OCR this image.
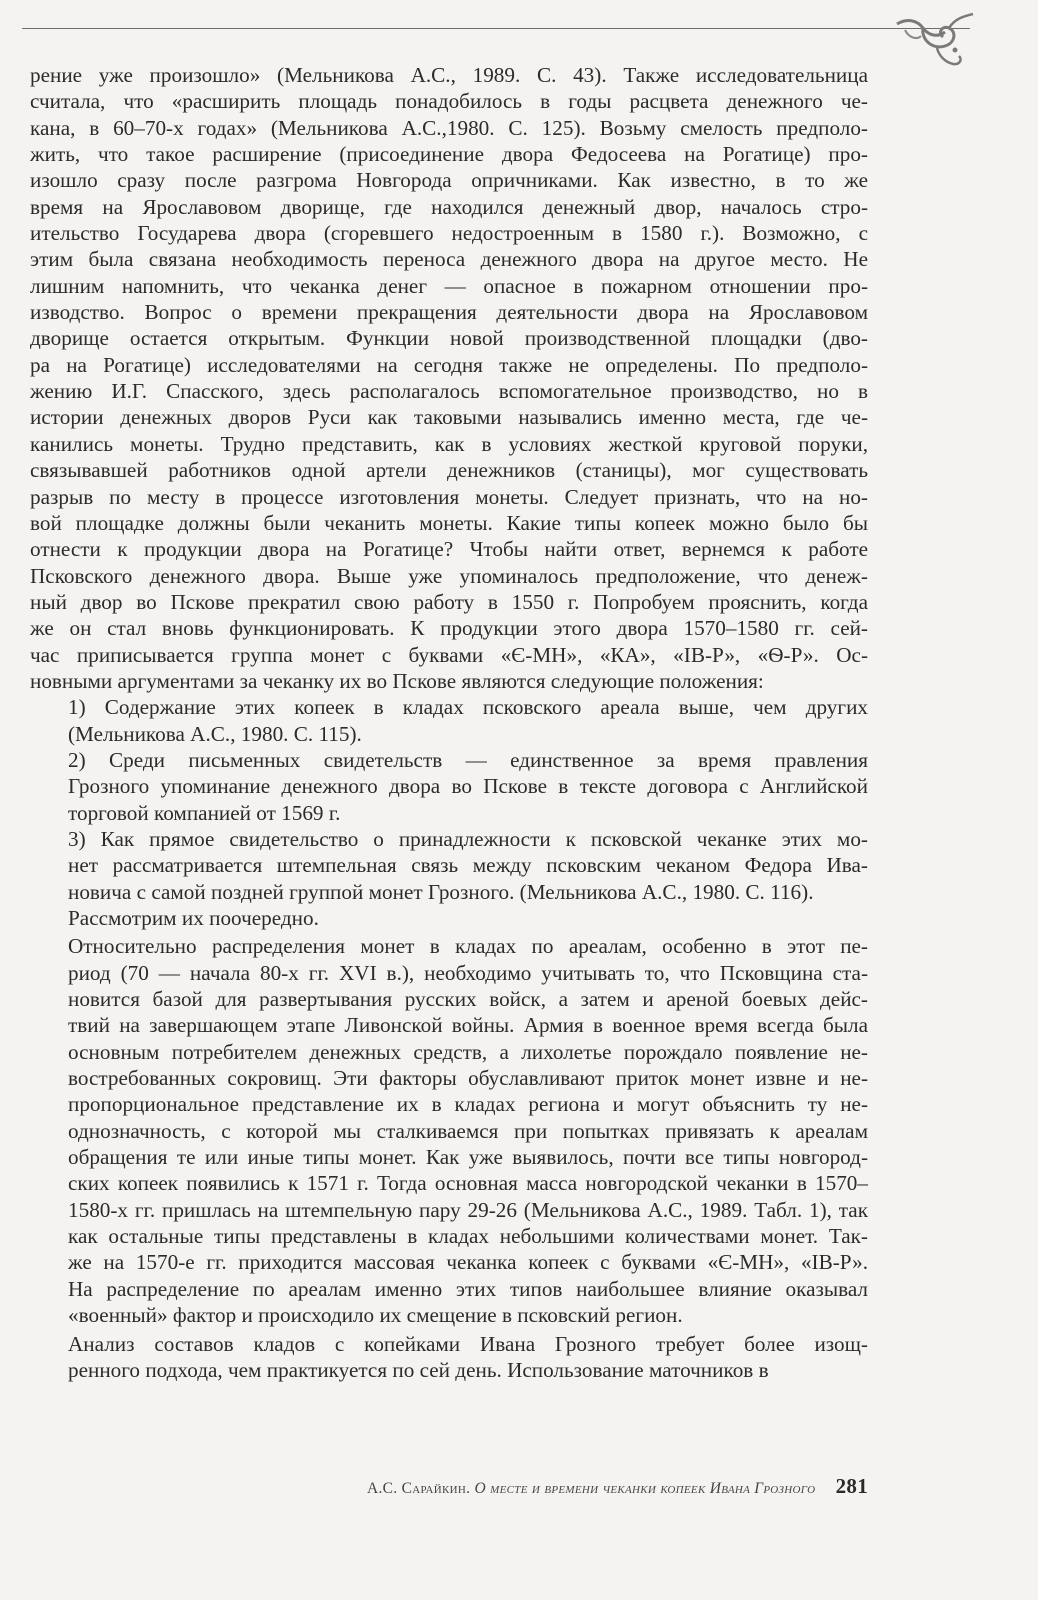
рение уже произошло» (Мельникова А.С., 1989. С. 43). Также исследовательница
считала, что «расширить площадь понадобилось в годы расцвета денежного че-
кана, в 60–70-х годах» (Мельникова А.С.,1980. С. 125). Возьму смелость предполо-
жить, что такое расширение (присоединение двора Федосеева на Рогатице) про-
изошло сразу после разгрома Новгорода опричниками. Как известно, в то же
время на Ярославовом дворище, где находился денежный двор, началось стро-
ительство Государева двора (сгоревшего недостроенным в 1580 г.). Возможно, с
этим была связана необходимость переноса денежного двора на другое место. Не
лишним напомнить, что чеканка денег — опасное в пожарном отношении про-
изводство. Вопрос о времени прекращения деятельности двора на Ярославовом
дворище остается открытым. Функции новой производственной площадки (дво-
ра на Рогатице) исследователями на сегодня также не определены. По предполо-
жению И.Г. Спасского, здесь располагалось вспомогательное производство, но в
истории денежных дворов Руси как таковыми назывались именно места, где че-
канились монеты. Трудно представить, как в условиях жесткой круговой поруки,
связывавшей работников одной артели денежников (станицы), мог существовать
разрыв по месту в процессе изготовления монеты. Следует признать, что на но-
вой площадке должны были чеканить монеты. Какие типы копеек можно было бы
отнести к продукции двора на Рогатице? Чтобы найти ответ, вернемся к работе
Псковского денежного двора. Выше уже упоминалось предположение, что денеж-
ный двор во Пскове прекратил свою работу в 1550 г. Попробуем прояснить, когда
же он стал вновь функционировать. К продукции этого двора 1570–1580 гг. сей-
час приписывается группа монет с буквами «Є-МН», «КА», «ІВ-Р», «Ѳ-Р». Ос-
новными аргументами за чеканку их во Пскове являются следующие положения:

1) Содержание этих копеек в кладах псковского ареала выше, чем других
(Мельникова А.С., 1980. С. 115).

2) Среди письменных свидетельств — единственное за время правления
Грозного упоминание денежного двора во Пскове в тексте договора с Английской
торговой компанией от 1569 г.

3) Как прямое свидетельство о принадлежности к псковской чеканке этих мо-
нет рассматривается штемпельная связь между псковским чеканом Федора Ива-
новича с самой поздней группой монет Грозного. (Мельникова А.С., 1980. С. 116).

Рассмотрим их поочередно.

Относительно распределения монет в кладах по ареалам, особенно в этот пе-
риод (70 — начала 80-х гг. XVI в.), необходимо учитывать то, что Псковщина ста-
новится базой для развертывания русских войск, а затем и ареной боевых дейс-
твий на завершающем этапе Ливонской войны. Армия в военное время всегда была
основным потребителем денежных средств, а лихолетье порождало появление не-
востребованных сокровищ. Эти факторы обуславливают приток монет извне и не-
пропорциональное представление их в кладах региона и могут объяснить ту не-
однозначность, с которой мы сталкиваемся при попытках привязать к ареалам
обращения те или иные типы монет. Как уже выявилось, почти все типы новгород-
ских копеек появились к 1571 г. Тогда основная масса новгородской чеканки в 1570–
1580-х гг. пришлась на штемпельную пару 29-26 (Мельникова А.С., 1989. Табл. 1), так
как остальные типы представлены в кладах небольшими количествами монет. Так-
же на 1570-е гг. приходится массовая чеканка копеек с буквами «Є-МН», «ІВ-Р».
На распределение по ареалам именно этих типов наибольшее влияние оказывал
«военный» фактор и происходило их смещение в псковский регион.

Анализ составов кладов с копейками Ивана Грозного требует более изощ-
ренного подхода, чем практикуется по сей день. Использование маточников в

А.С. Сарайкин. О месте и времени чеканки копеек Ивана Грозного 281
